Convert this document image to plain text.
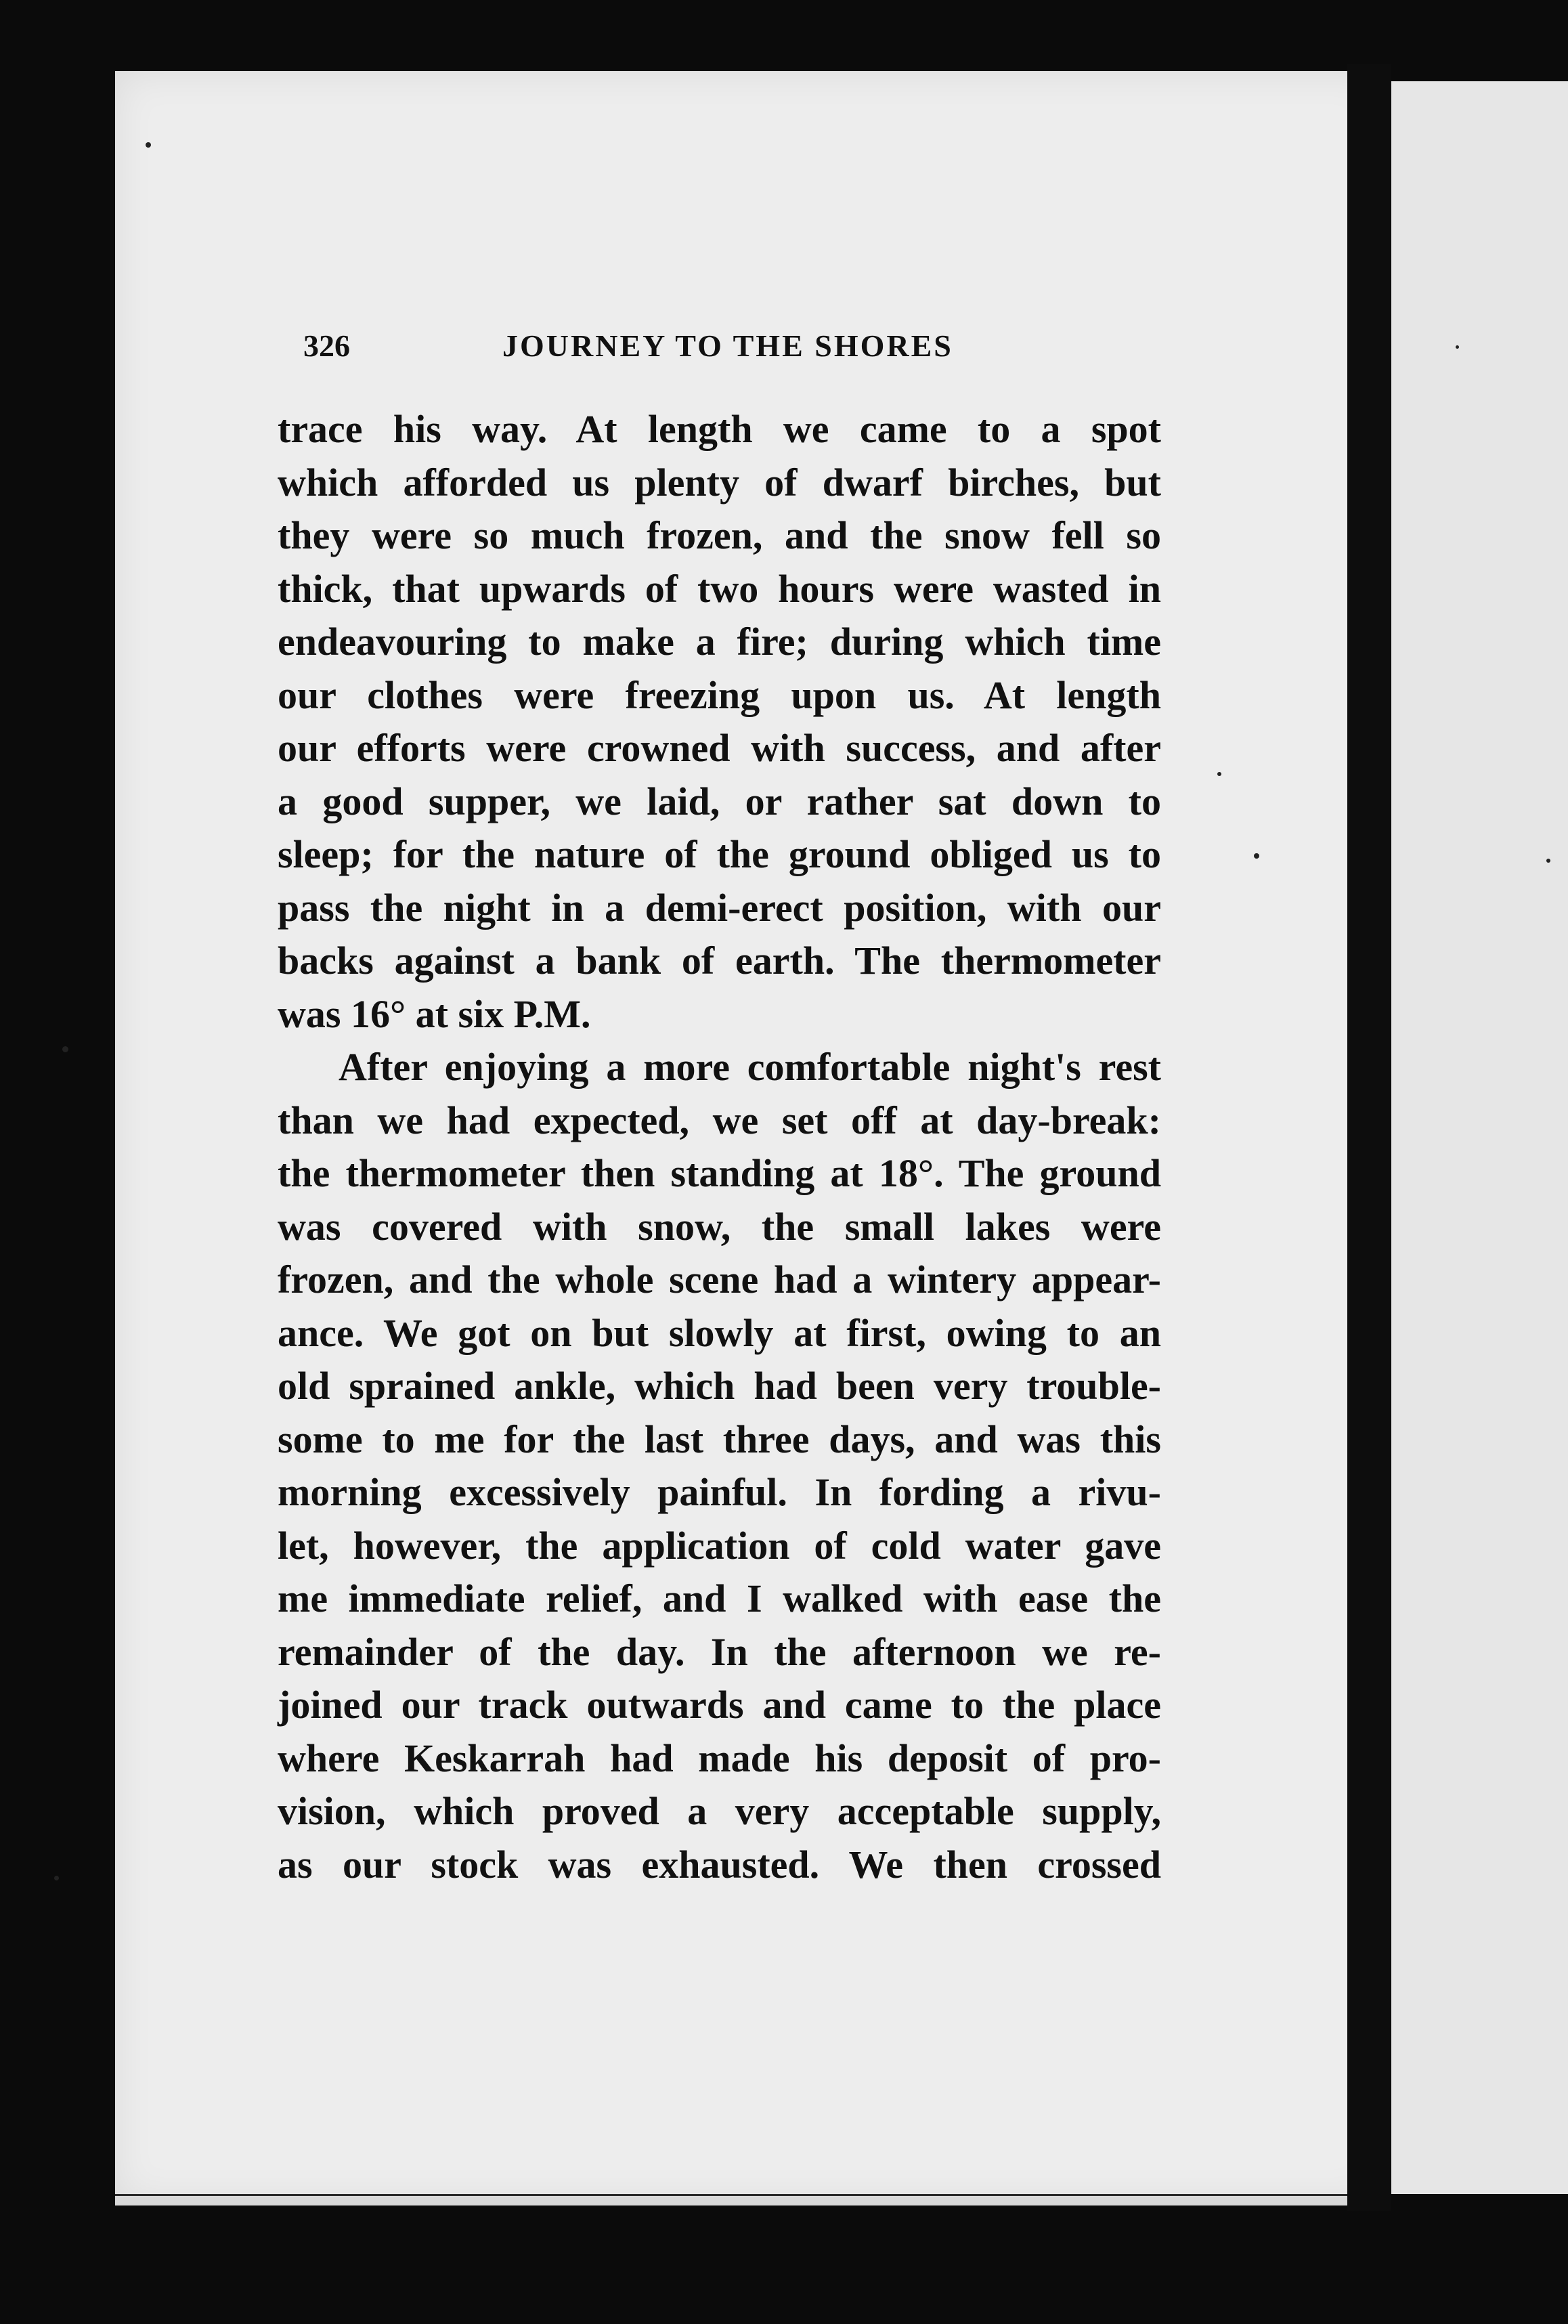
326	JOURNEY TO THE SHORES
trace his way. At length we came to a spot
which afforded us plenty of dwarf birches, but
they were so much frozen, and the snow fell so
thick, that upwards of two hours were wasted in
endeavouring to make a fire; during which time
our clothes were freezing upon us. At length
our efforts were crowned with success, and after
a good supper, we laid, or rather sat down to
sleep; for the nature of the ground obliged us to
pass the night in a demi-erect position, with our
backs against a bank of earth. The thermometer
was 16° at six P.M.
After enjoying a more comfortable night's rest
than we had expected, we set off at day-break:
the thermometer then standing at 18°. The ground
was covered with snow, the small lakes were
frozen, and the whole scene had a wintery appear-
ance. We got on but slowly at first, owing to an
old sprained ankle, which had been very trouble-
some to me for the last three days, and was this
morning excessively painful. In fording a rivu-
let, however, the application of cold water gave
me immediate relief, and I walked with ease the
remainder of the day. In the afternoon we re-
joined our track outwards and came to the place
where Keskarrah had made his deposit of pro-
vision, which proved a very acceptable supply,
as our stock was exhausted. We then crossed
